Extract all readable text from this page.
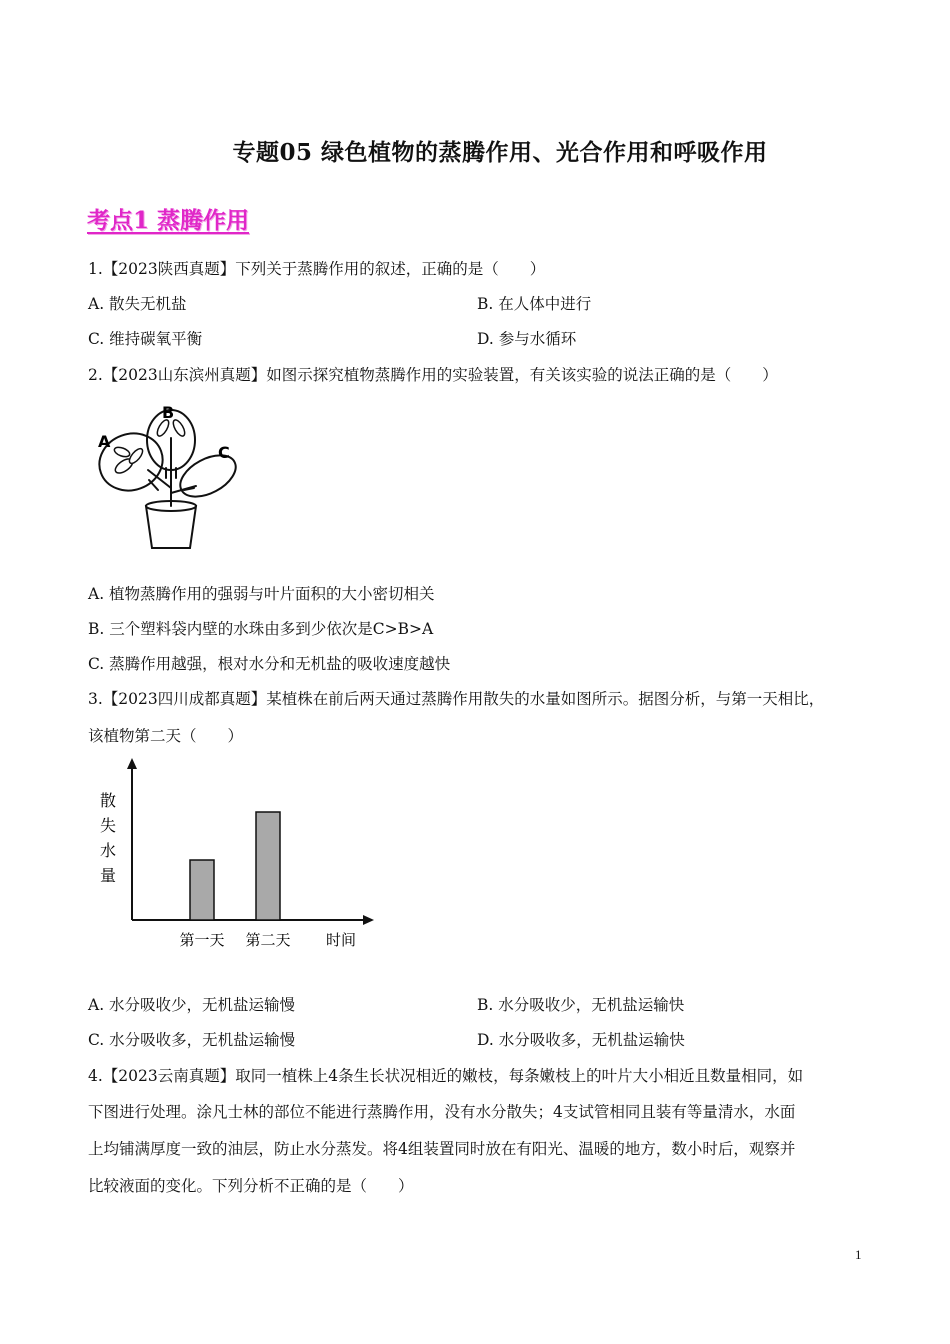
专题05 绿色植物的蒸腾作用、光合作用和呼吸作用
考点1 蒸腾作用
1.【2023陕西真题】下列关于蒸腾作用的叙述，正确的是（　　）
A. 散失无机盐	B. 在人体中进行
C. 维持碳氧平衡	D. 参与水循环
2.【2023山东滨州真题】如图示探究植物蒸腾作用的实验装置，有关该实验的说法正确的是（　　）
A
B
C
A. 植物蒸腾作用的强弱与叶片面积的大小密切相关
B. 三个塑料袋内壁的水珠由多到少依次是C>B>A
C. 蒸腾作用越强，根对水分和无机盐的吸收速度越快
3.【2023四川成都真题】某植株在前后两天通过蒸腾作用散失的水量如图所示。据图分析，与第一天相比，
该植物第二天（　　）
散
失
水
量
第一天 第二天 时间
A. 水分吸收少，无机盐运输慢	B. 水分吸收少，无机盐运输快
C. 水分吸收多，无机盐运输慢	D. 水分吸收多，无机盐运输快
4.【2023云南真题】取同一植株上4条生长状况相近的嫩枝，每条嫩枝上的叶片大小相近且数量相同，如
下图进行处理。涂凡士林的部位不能进行蒸腾作用，没有水分散失；4支试管相同且装有等量清水，水面
上均铺满厚度一致的油层，防止水分蒸发。将4组装置同时放在有阳光、温暖的地方，数小时后，观察并
比较液面的变化。下列分析不正确的是（　　）
1
